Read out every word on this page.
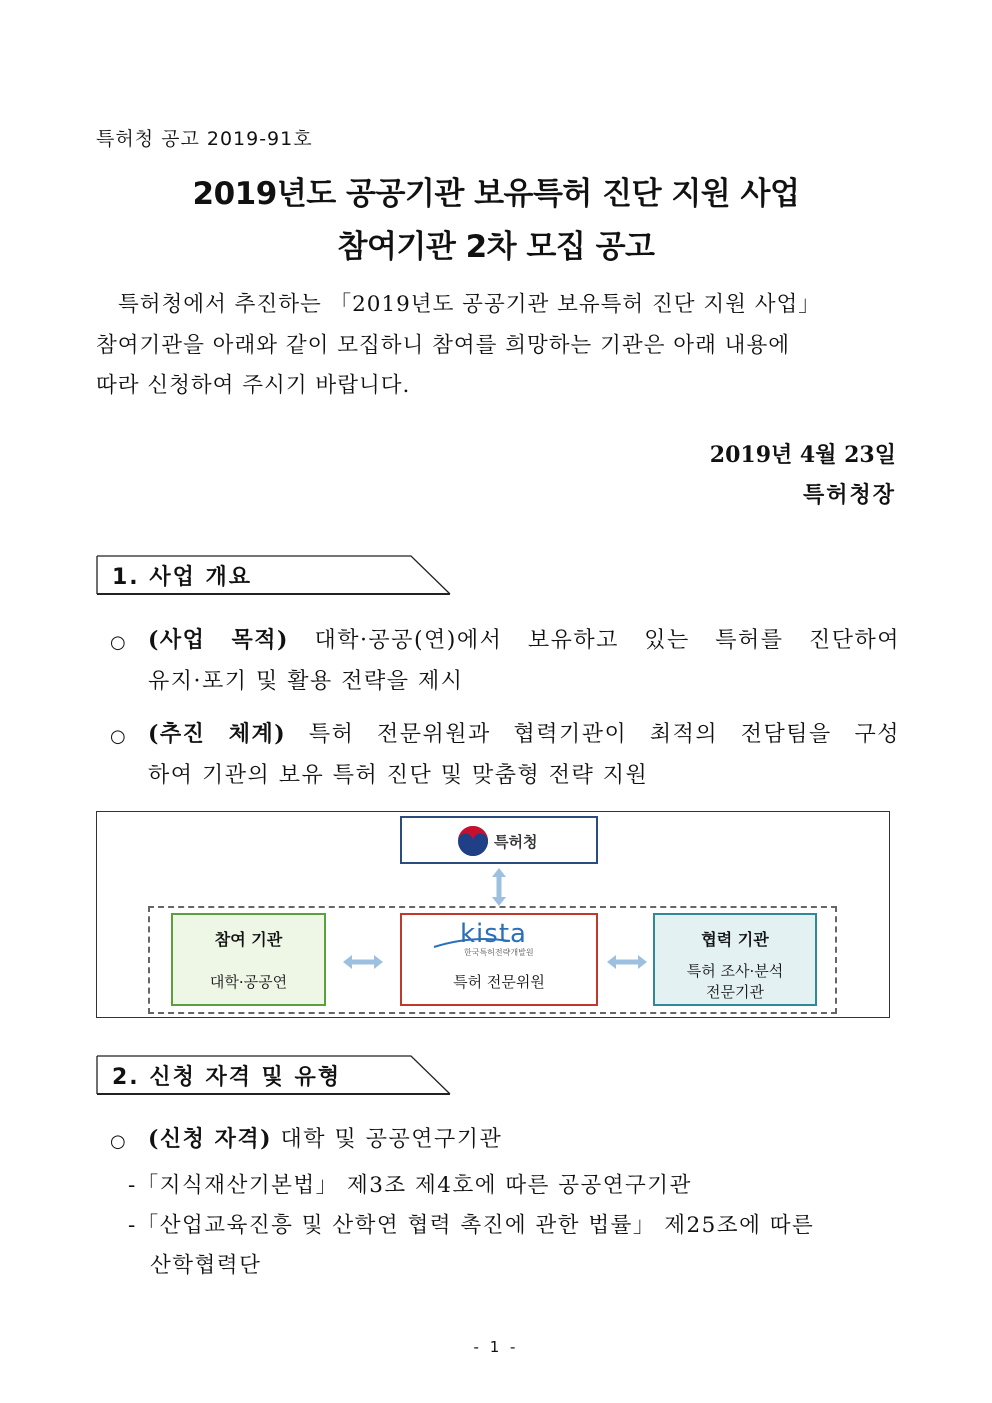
특허청 공고 2019-91호
2019년도 공공기관 보유특허 진단 지원 사업
참여기관 2차 모집 공고
특허청에서 추진하는 「2019년도 공공기관 보유특허 진단 지원 사업」
참여기관을 아래와 같이 모집하니 참여를 희망하는 기관은 아래 내용에
따라 신청하여 주시기 바랍니다.
2019년 4월 23일
특허청장
1. 사업 개요
○ (사업 목적) 대학·공공(연)에서 보유하고 있는 특허를 진단하여
유지·포기 및 활용 전략을 제시
○ (추진 체계) 특허 전문위원과 협력기관이 최적의 전담팀을 구성
하여 기관의 보유 특허 진단 및 맞춤형 전략 지원
특허청
참여 기관
대학·공공연
kista
한국특허전략개발원
특허 전문위원
협력 기관
특허 조사·분석
전문기관
2. 신청 자격 및 유형
○ (신청 자격) 대학 및 공공연구기관
-「지식재산기본법」 제3조 제4호에 따른 공공연구기관
-「산업교육진흥 및 산학연 협력 촉진에 관한 법률」 제25조에 따른
산학협력단
- 1 -
